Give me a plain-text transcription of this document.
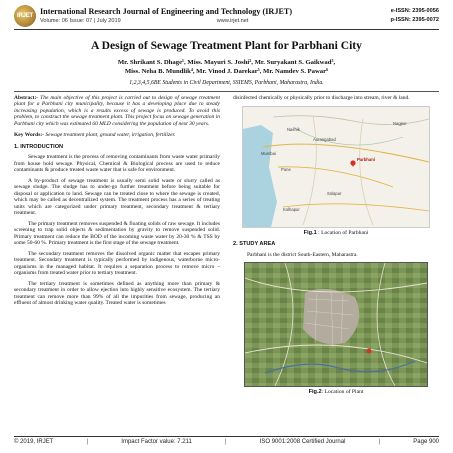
IRJET International Research Journal of Engineering and Technology (IRJET)
Volume: 06 Issue: 07 | July 2019	www.irjet.net
e-ISSN: 2395-0056
p-ISSN: 2395-0072
A Design of Sewage Treatment Plant for Parbhani City
Mr. Shrikant S. Dhage¹, Miss. Mayuri S. Joshi², Mr. Suryakant S. Gaikwad³,
Miss. Neha B. Mundlik⁴, Mr. Vinod J. Darekar⁵, Mr. Namdev S. Pawar⁶
1,2,3,4,5,6BE Students in Civil Department, SSIEMS, Parbhani, Maharastra, India.

Abstract:- The main objective of this project is carried out to design of sewage treatment plant for a Parbhani city municipality, because it has a developing place due to steady increasing population, which is a results excess of sewage is produced. To avoid this problem, to construct the sewage treatment plant. This project focus on sewage generation in Parbhani city which was estimated 60 MLD considering the population of next 30 years.

Key Words:- Sewage treatment plant, ground water, irrigation, fertilizer.

1. INTRODUCTION

Sewage treatment is the process of removing contaminants from waste water primarily from house hold sewage. Physical, Chemical & Biological process are used to reduce contaminants & produce treated waste water that is safe for environment.

A by-product of sewage treatment is usually semi solid waste or slurry called as sewage sludge. The sludge has to under-go further treatment before being suitable for disposal or application to land. Sewage can be treated close to where the sewage is created, which may be called as decentralized system. The treatment process has a series of treating units which are categorized under primary treatment, secondary treatment & tertiary treatment.

The primary treatment removes suspended & floating solids of raw sewage. It includes screening to trap solid objects & sedimentation by gravity to remove suspended solid. Primary treatment can reduce the BOD of the incoming waste water by 20-30 % & TSS by some 50-60 %. Primary treatment is the first stage of the sewage treatment.

The secondary treatment removes the dissolved organic matter that escapes primary treatment. Secondary treatment is typically performed by indigenous, waterborne micro-organisms in the managed habitat. It requires a separation process to remove micro –organisms from treated water prior to tertiary treatment.

The tertiary treatment is sometimes defined as anything more than primary & secondary treatment in order to allow ejection into highly sensitive ecosystem. The tertiary treatment can remove more than 99% of all the impurities from sewage, producing an effluent of almost drinking water quality. Treated water is sometimes

disinfected chemically or physically prior to discharge into stream, river & land.

Nashik
Mumbai
Pune
Aurangabad
Parbhani
Nagpur
Kolhapur
Solapur
Fig.1 : Location of Parbhani
2. STUDY AREA

Parbhani is the district South-Eastern, Maharastra.

Fig.2: Location of Plant
© 2019, IRJET	|	Impact Factor value: 7.211	|	ISO 9001:2008 Certified Journal	|	Page 900
